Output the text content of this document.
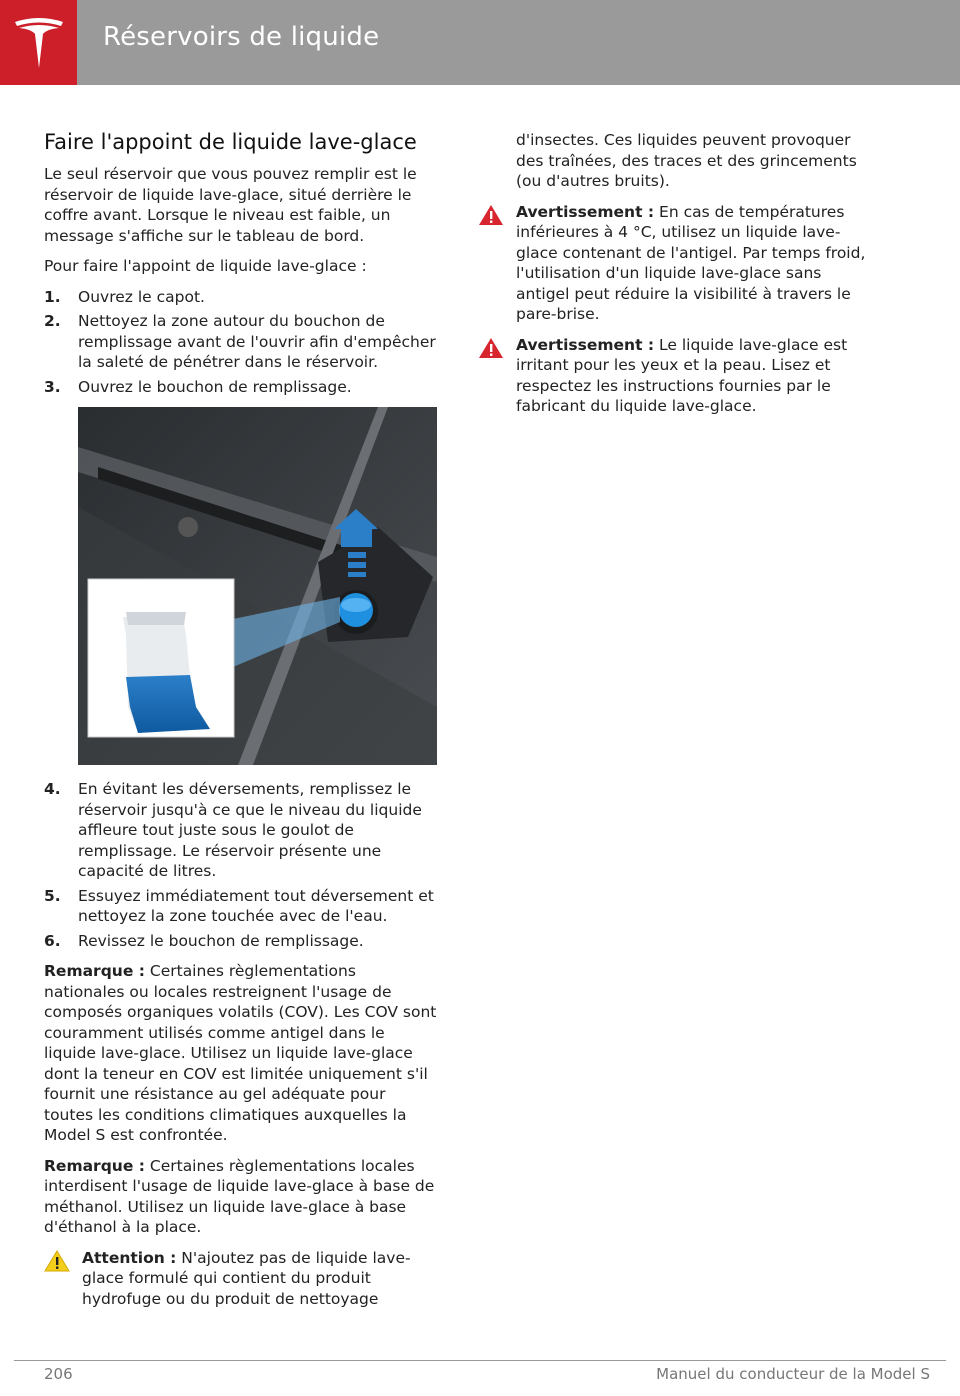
Réservoirs de liquide
Faire l'appoint de liquide lave-glace

Le seul réservoir que vous pouvez remplir est le réservoir de liquide lave-glace, situé derrière le coffre avant. Lorsque le niveau est faible, un message s'affiche sur le tableau de bord.

Pour faire l'appoint de liquide lave-glace :

1.	Ouvrez le capot.
2.	Nettoyez la zone autour du bouchon de remplissage avant de l'ouvrir afin d'empêcher la saleté de pénétrer dans le réservoir.
3.	Ouvrez le bouchon de remplissage.
4.	En évitant les déversements, remplissez le réservoir jusqu'à ce que le niveau du liquide affleure tout juste sous le goulot de remplissage. Le réservoir présente une capacité de litres.
5.	Essuyez immédiatement tout déversement et nettoyez la zone touchée avec de l'eau.
6.	Revissez le bouchon de remplissage.

Remarque : Certaines règlementations nationales ou locales restreignent l'usage de composés organiques volatils (COV). Les COV sont couramment utilisés comme antigel dans le liquide lave-glace. Utilisez un liquide lave-glace dont la teneur en COV est limitée uniquement s'il fournit une résistance au gel adéquate pour toutes les conditions climatiques auxquelles la Model S est confrontée.

Remarque : Certaines règlementations locales interdisent l'usage de liquide lave-glace à base de méthanol. Utilisez un liquide lave-glace à base d'éthanol à la place.

Attention : N'ajoutez pas de liquide lave-glace formulé qui contient du produit hydrofuge ou du produit de nettoyage
d'insectes. Ces liquides peuvent provoquer des traînées, des traces et des grincements (ou d'autres bruits).
Avertissement : En cas de températures inférieures à 4 °C, utilisez un liquide lave-glace contenant de l'antigel. Par temps froid, l'utilisation d'un liquide lave-glace sans antigel peut réduire la visibilité à travers le pare-brise.
Avertissement : Le liquide lave-glace est irritant pour les yeux et la peau. Lisez et respectez les instructions fournies par le fabricant du liquide lave-glace.
206	Manuel du conducteur de la Model S
